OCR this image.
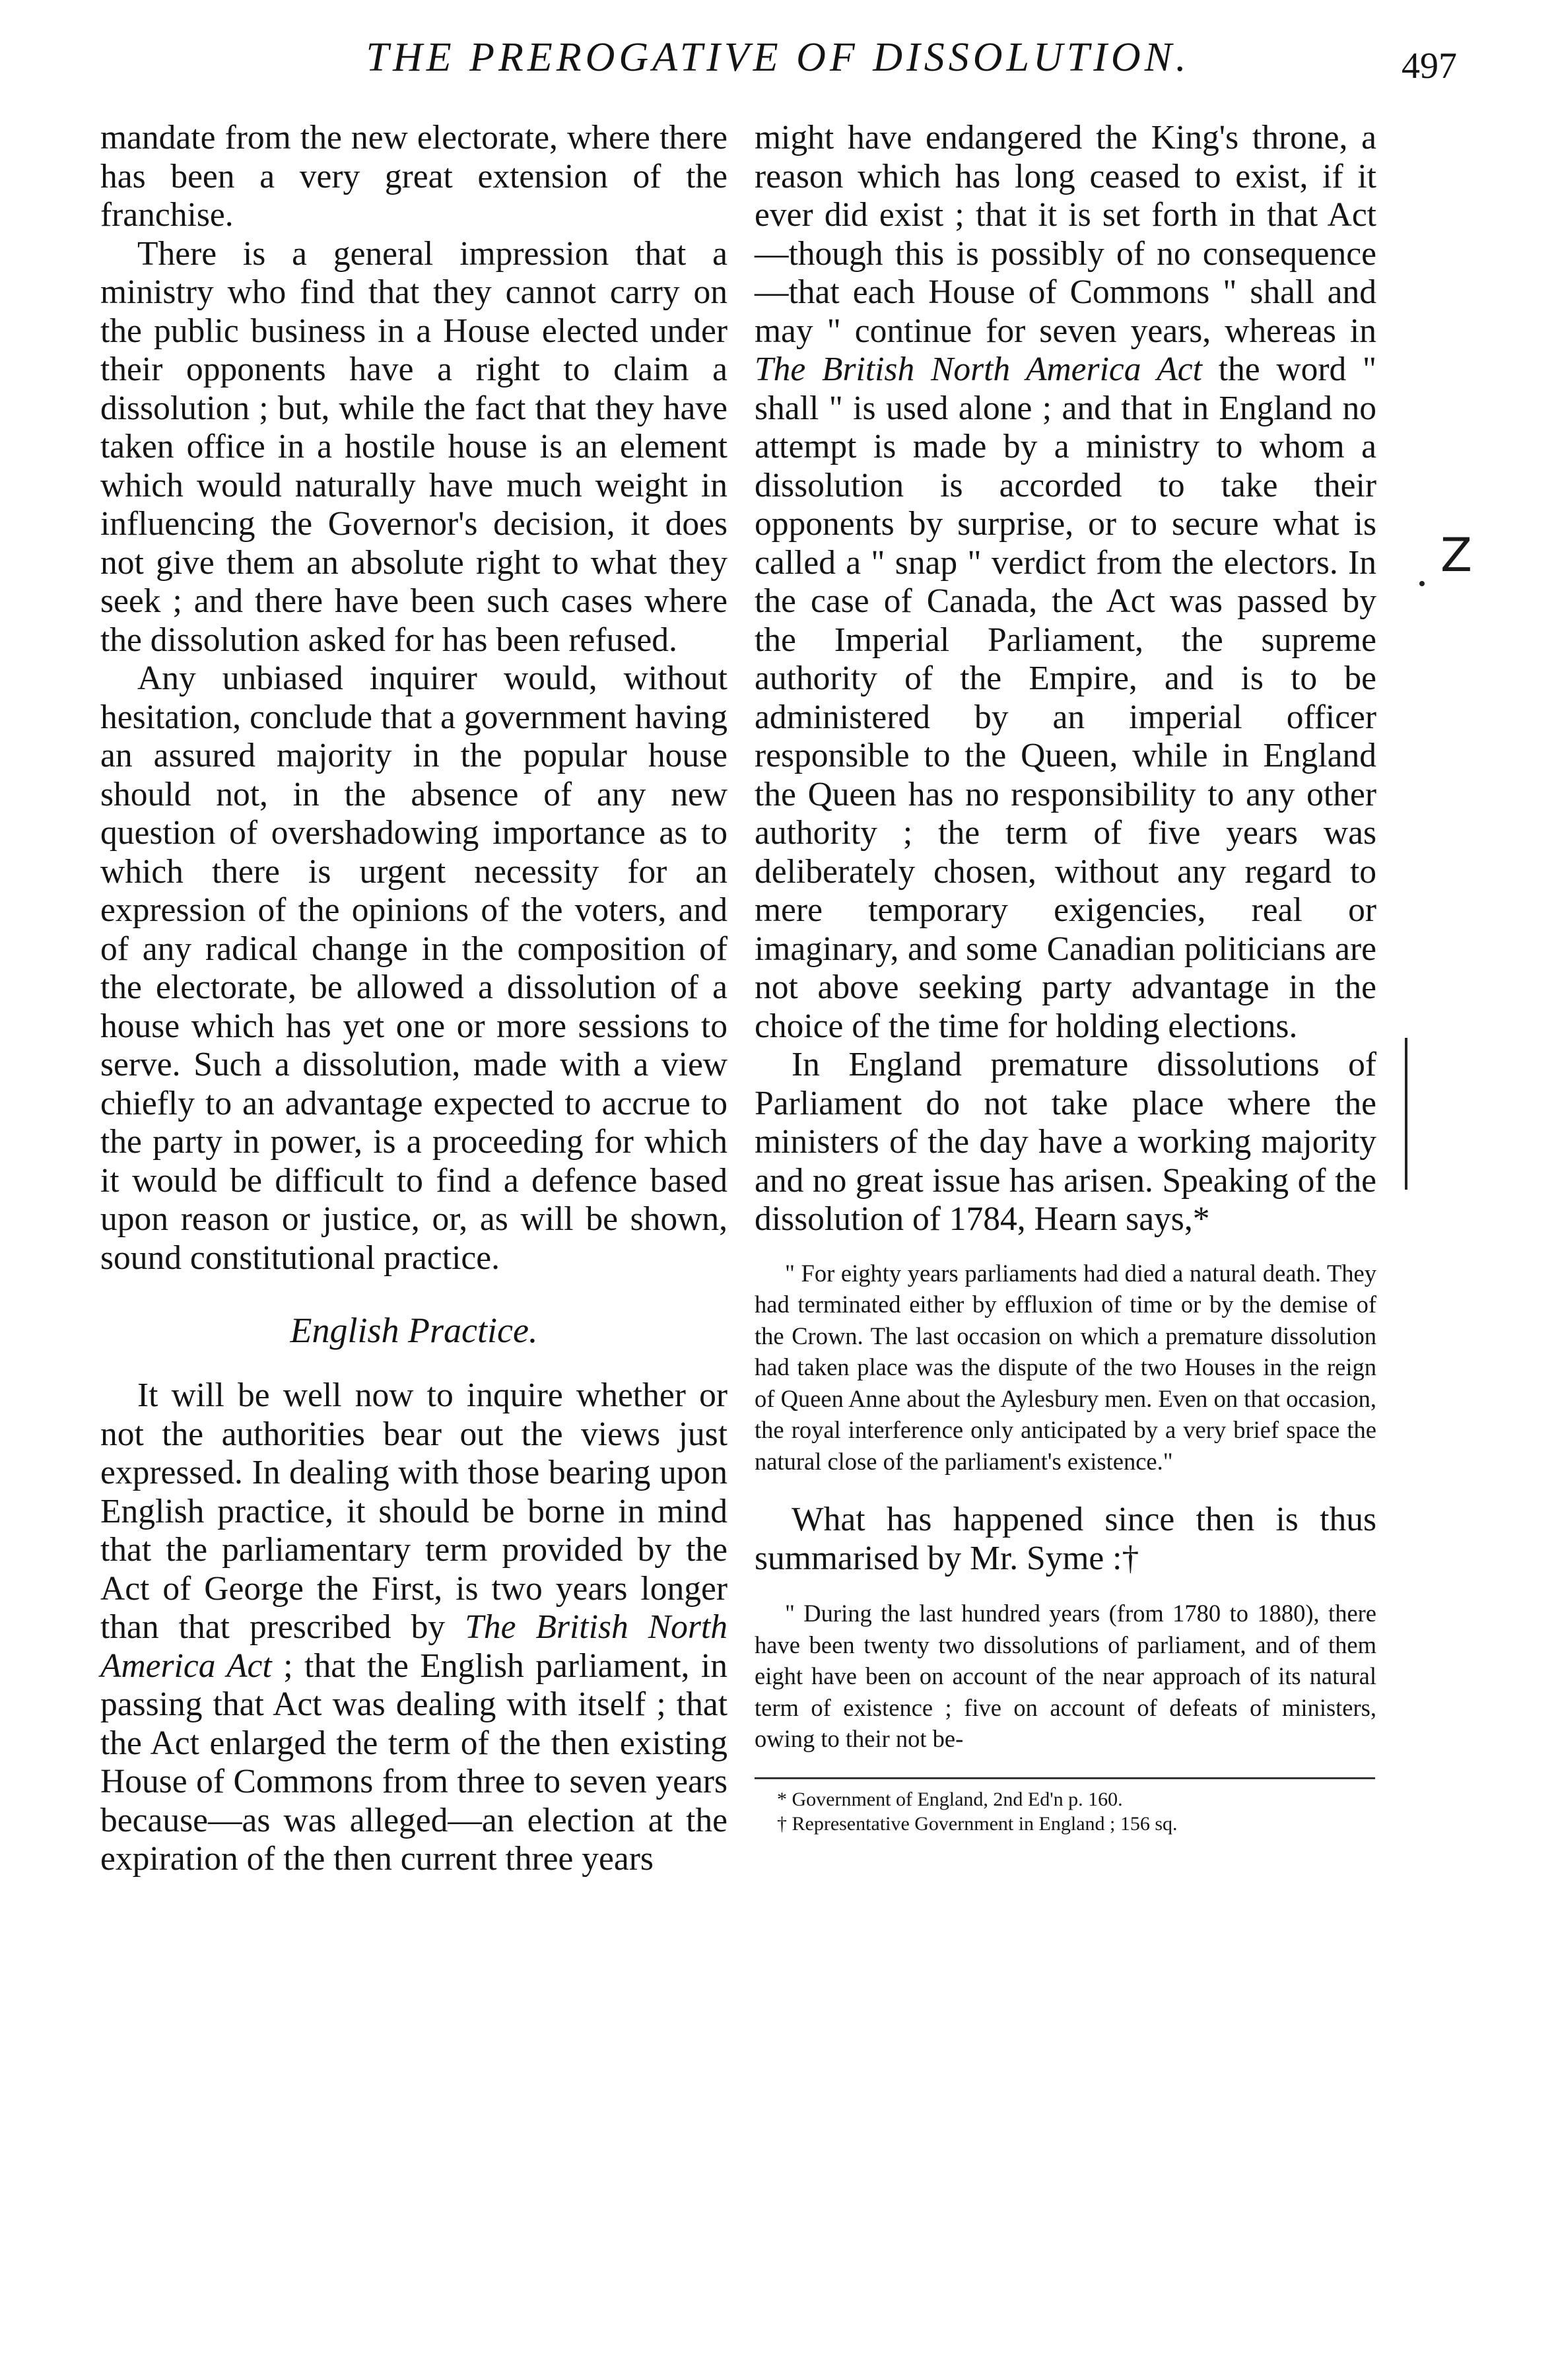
THE PREROGATIVE OF DISSOLUTION.	497

mandate from the new electorate, where there has been a very great extension of the franchise.

There is a general impression that a ministry who find that they cannot carry on the public business in a House elected under their opponents have a right to claim a dissolution ; but, while the fact that they have taken office in a hostile house is an element which would naturally have much weight in influencing the Governor's decision, it does not give them an absolute right to what they seek ; and there have been such cases where the dissolution asked for has been refused.

Any unbiased inquirer would, without hesitation, conclude that a government having an assured majority in the popular house should not, in the absence of any new question of overshadowing importance as to which there is urgent necessity for an expression of the opinions of the voters, and of any radical change in the composition of the electorate, be allowed a dissolution of a house which has yet one or more sessions to serve. Such a dissolution, made with a view chiefly to an advantage expected to accrue to the party in power, is a proceeding for which it would be difficult to find a defence based upon reason or justice, or, as will be shown, sound constitutional practice.

English Practice.

It will be well now to inquire whether or not the authorities bear out the views just expressed. In dealing with those bearing upon English practice, it should be borne in mind that the parliamentary term provided by the Act of George the First, is two years longer than that prescribed by The British North America Act ; that the English parliament, in passing that Act was dealing with itself ; that the Act enlarged the term of the then existing House of Commons from three to seven years because—as was alleged—an election at the expiration of the then current three years

might have endangered the King's throne, a reason which has long ceased to exist, if it ever did exist ; that it is set forth in that Act—though this is possibly of no consequence—that each House of Commons " shall and may " continue for seven years, whereas in The British North America Act the word " shall " is used alone ; and that in England no attempt is made by a ministry to whom a dissolution is accorded to take their opponents by surprise, or to secure what is called a " snap " verdict from the electors. In the case of Canada, the Act was passed by the Imperial Parliament, the supreme authority of the Empire, and is to be administered by an imperial officer responsible to the Queen, while in England the Queen has no responsibility to any other authority ; the term of five years was deliberately chosen, without any regard to mere temporary exigencies, real or imaginary, and some Canadian politicians are not above seeking party advantage in the choice of the time for holding elections.

In England premature dissolutions of Parliament do not take place where the ministers of the day have a working majority and no great issue has arisen. Speaking of the dissolution of 1784, Hearn says,*

" For eighty years parliaments had died a natural death. They had terminated either by effluxion of time or by the demise of the Crown. The last occasion on which a premature dissolution had taken place was the dispute of the two Houses in the reign of Queen Anne about the Aylesbury men. Even on that occasion, the royal interference only anticipated by a very brief space the natural close of the parliament's existence."

What has happened since then is thus summarised by Mr. Syme :†

" During the last hundred years (from 1780 to 1880), there have been twenty two dissolutions of parliament, and of them eight have been on account of the near approach of its natural term of existence ; five on account of defeats of ministers, owing to their not be-

* Government of England, 2nd Ed'n p. 160.

† Representative Government in England ; 156 sq.

Z
